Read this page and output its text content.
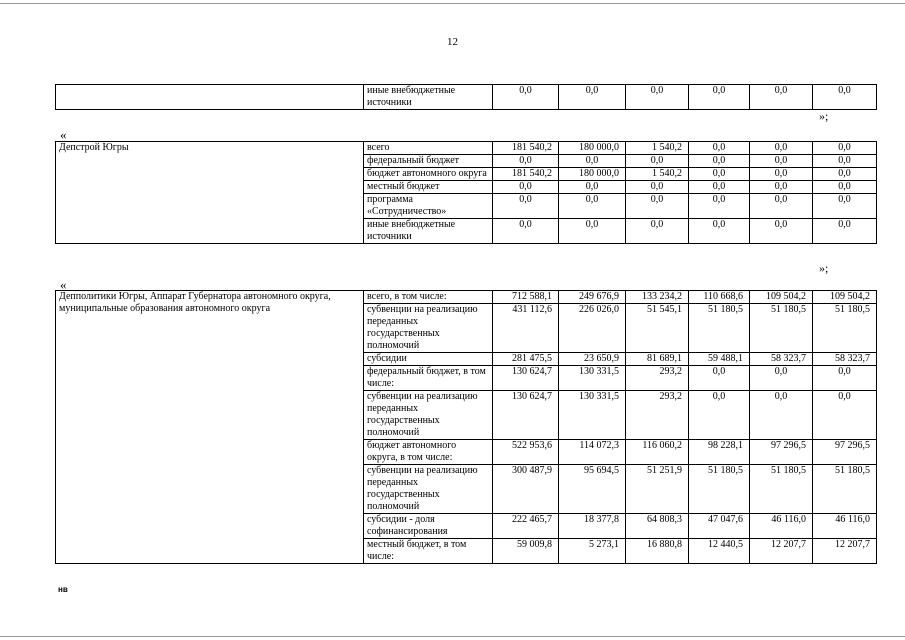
12
	иные внебюджетные источники	0,0	0,0	0,0	0,0	0,0	0,0
»;
«
Депстрой Югры	всего	181 540,2	180 000,0	1 540,2	0,0	0,0	0,0
	федеральный бюджет	0,0	0,0	0,0	0,0	0,0	0,0
	бюджет автономного округа	181 540,2	180 000,0	1 540,2	0,0	0,0	0,0
	местный бюджет	0,0	0,0	0,0	0,0	0,0	0,0
	программа «Сотрудничество»	0,0	0,0	0,0	0,0	0,0	0,0
	иные внебюджетные источники	0,0	0,0	0,0	0,0	0,0	0,0
»;
«
Депполитики Югры, Аппарат Губернатора автономного округа, муниципальные образования автономного округа	всего, в том числе:	712 588,1	249 676,9	133 234,2	110 668,6	109 504,2	109 504,2
	субвенции на реализацию переданных государственных полномочий	431 112,6	226 026,0	51 545,1	51 180,5	51 180,5	51 180,5
	субсидии	281 475,5	23 650,9	81 689,1	59 488,1	58 323,7	58 323,7
	федеральный бюджет, в том числе:	130 624,7	130 331,5	293,2	0,0	0,0	0,0
	субвенции на реализацию переданных государственных полномочий	130 624,7	130 331,5	293,2	0,0	0,0	0,0
	бюджет автономного округа, в том числе:	522 953,6	114 072,3	116 060,2	98 228,1	97 296,5	97 296,5
	субвенции на реализацию переданных государственных полномочий	300 487,9	95 694,5	51 251,9	51 180,5	51 180,5	51 180,5
	субсидии - доля софинансирования	222 465,7	18 377,8	64 808,3	47 047,6	46 116,0	46 116,0
	местный бюджет, в том числе:	59 009,8	5 273,1	16 880,8	12 440,5	12 207,7	12 207,7
нв
